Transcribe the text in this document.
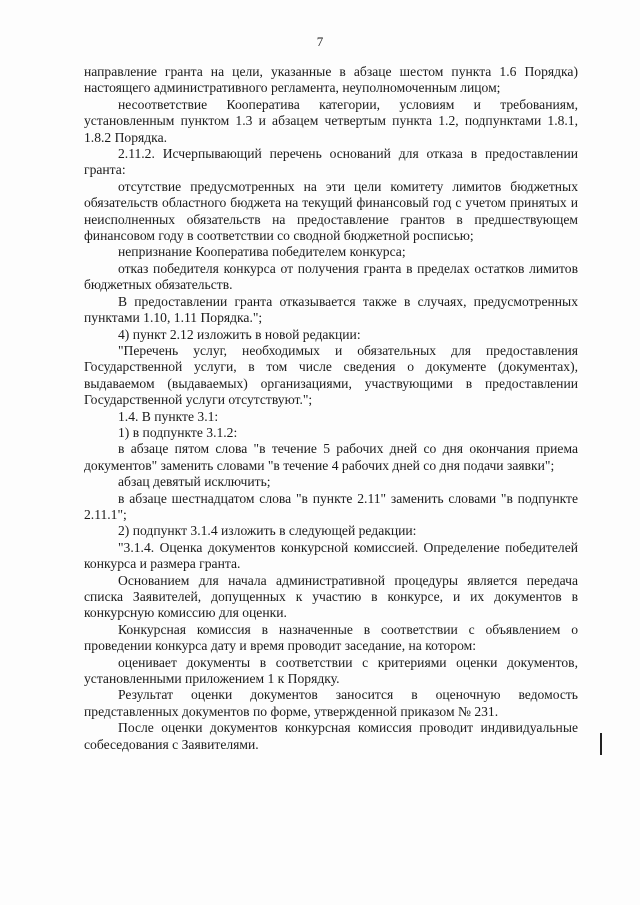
7

направление гранта на цели, указанные в абзаце шестом пункта 1.6 Порядка) настоящего административного регламента, неуполномоченным лицом;

несоответствие Кооператива категории, условиям и требованиям, установленным пунктом 1.3 и абзацем четвертым пункта 1.2, подпунктами 1.8.1, 1.8.2 Порядка.

2.11.2. Исчерпывающий перечень оснований для отказа в предоставлении гранта:

отсутствие предусмотренных на эти цели комитету лимитов бюджетных обязательств областного бюджета на текущий финансовый год с учетом принятых и неисполненных обязательств на предоставление грантов в предшествующем финансовом году в соответствии со сводной бюджетной росписью;

непризнание Кооператива победителем конкурса;

отказ победителя конкурса от получения гранта в пределах остатков лимитов бюджетных обязательств.

В предоставлении гранта отказывается также в случаях, предусмотренных пунктами 1.10, 1.11 Порядка.";

4) пункт 2.12 изложить в новой редакции:

"Перечень услуг, необходимых и обязательных для предоставления Государственной услуги, в том числе сведения о документе (документах), выдаваемом (выдаваемых) организациями, участвующими в предоставлении Государственной услуги отсутствуют.";

1.4. В пункте 3.1:

1) в подпункте 3.1.2:

в абзаце пятом слова "в течение 5 рабочих дней со дня окончания приема документов" заменить словами "в течение 4 рабочих дней со дня подачи заявки";

абзац девятый исключить;

в абзаце шестнадцатом слова "в пункте 2.11" заменить словами "в подпункте 2.11.1";

2) подпункт 3.1.4 изложить в следующей редакции:

"3.1.4. Оценка документов конкурсной комиссией. Определение победителей конкурса и размера гранта.

Основанием для начала административной процедуры является передача списка Заявителей, допущенных к участию в конкурсе, и их документов в конкурсную комиссию для оценки.

Конкурсная комиссия в назначенные в соответствии с объявлением о проведении конкурса дату и время проводит заседание, на котором:

оценивает документы в соответствии с критериями оценки документов, установленными приложением 1 к Порядку.

Результат оценки документов заносится в оценочную ведомость представленных документов по форме, утвержденной приказом № 231.

После оценки документов конкурсная комиссия проводит индивидуальные собеседования с Заявителями.
